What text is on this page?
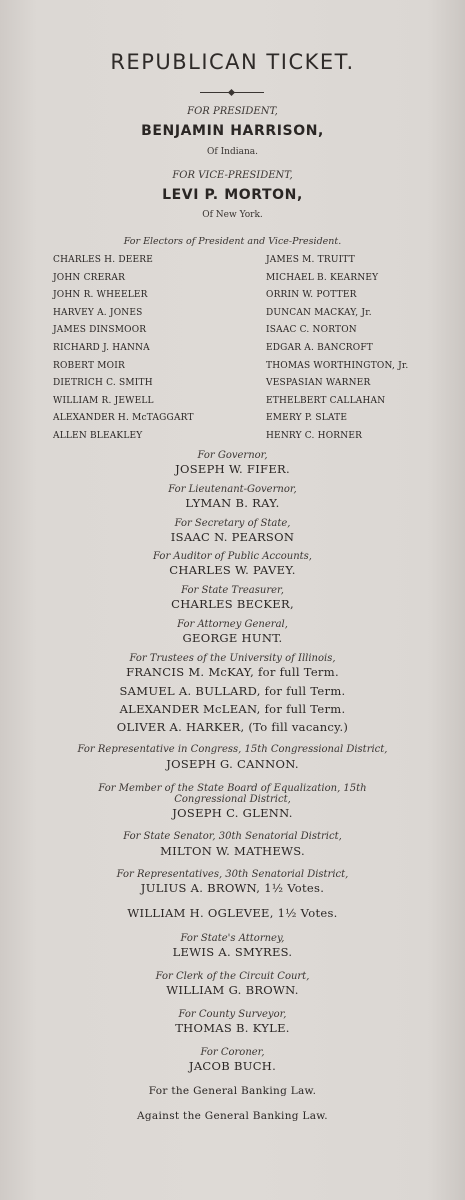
REPUBLICAN TICKET.
FOR PRESIDENT,
BENJAMIN HARRISON,
Of Indiana.
FOR VICE-PRESIDENT,
LEVI P. MORTON,
Of New York.
For Electors of President and Vice-President.
CHARLES H. DEERE
JOHN CRERAR
JOHN R. WHEELER
HARVEY A. JONES
JAMES DINSMOOR
RICHARD J. HANNA
ROBERT MOIR
DIETRICH C. SMITH
WILLIAM R. JEWELL
ALEXANDER H. McTAGGART
ALLEN BLEAKLEY
JAMES M. TRUITT
MICHAEL B. KEARNEY
ORRIN W. POTTER
DUNCAN MACKAY, Jr.
ISAAC C. NORTON
EDGAR A. BANCROFT
THOMAS WORTHINGTON, Jr.
VESPASIAN WARNER
ETHELBERT CALLAHAN
EMERY P. SLATE
HENRY C. HORNER
For Governor,
JOSEPH W. FIFER.
For Lieutenant-Governor,
LYMAN B. RAY.
For Secretary of State,
ISAAC N. PEARSON
For Auditor of Public Accounts,
CHARLES W. PAVEY.
For State Treasurer,
CHARLES BECKER,
For Attorney General,
GEORGE HUNT.
For Trustees of the University of Illinois,
FRANCIS M. McKAY, for full Term.
SAMUEL A. BULLARD, for full Term.
ALEXANDER McLEAN, for full Term.
OLIVER A. HARKER, (To fill vacancy.)
For Representative in Congress, 15th Congressional District,
JOSEPH G. CANNON.
For Member of the State Board of Equalization, 15th
Congressional District,
JOSEPH C. GLENN.
For State Senator, 30th Senatorial District,
MILTON W. MATHEWS.
For Representatives, 30th Senatorial District,
JULIUS A. BROWN, 1½ Votes.
WILLIAM H. OGLEVEE, 1½ Votes.
For State's Attorney,
LEWIS A. SMYRES.
For Clerk of the Circuit Court,
WILLIAM G. BROWN.
For County Surveyor,
THOMAS B. KYLE.
For Coroner,
JACOB BUCH.
For the General Banking Law.
Against the General Banking Law.
